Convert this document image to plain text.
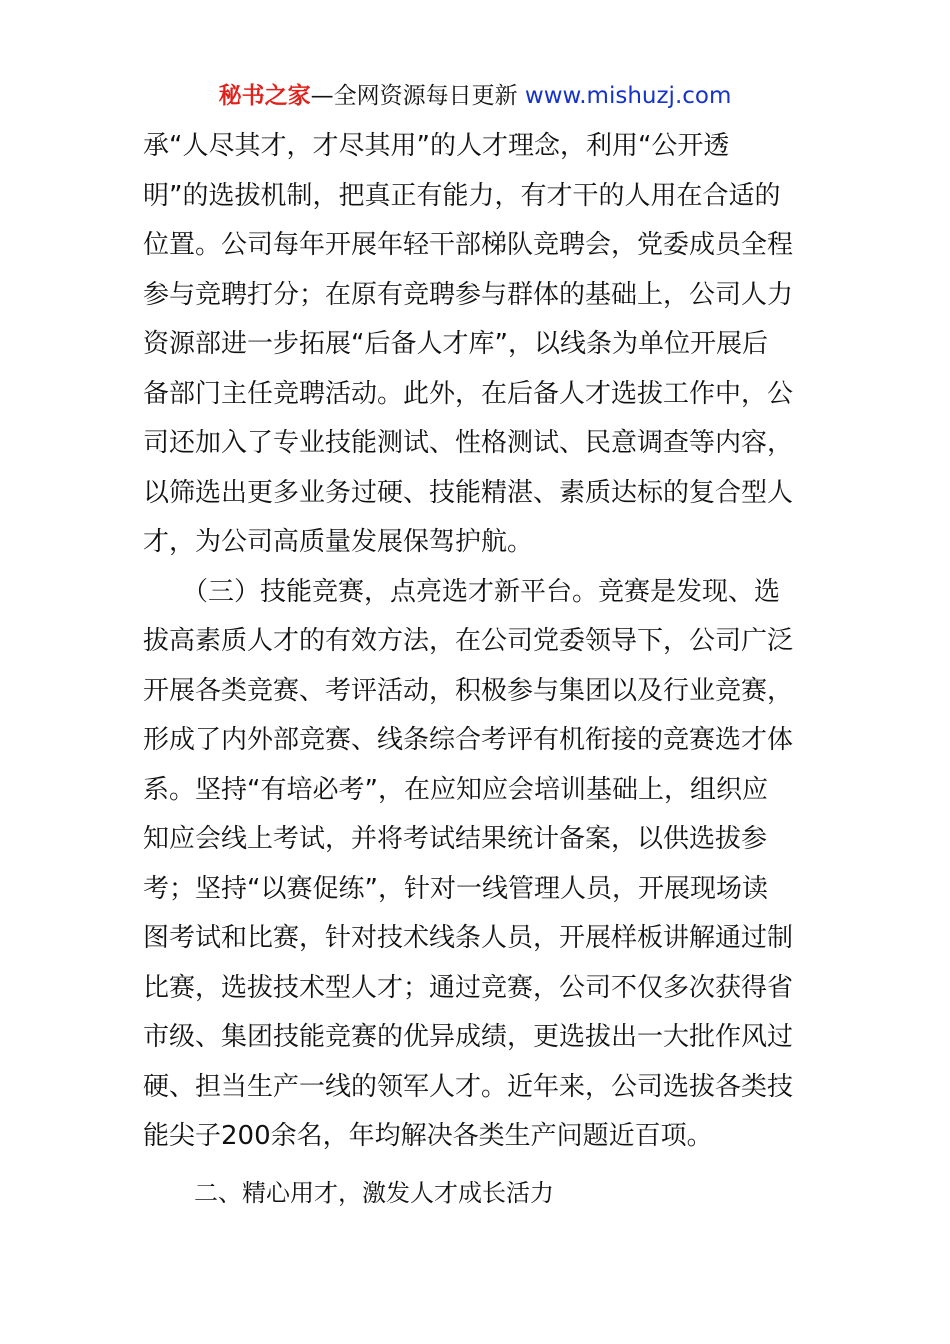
秘书之家—全网资源每日更新 www.mishuzj.com
承“人尽其才，才尽其用”的人才理念，利用“公开透
明”的选拔机制，把真正有能力，有才干的人用在合适的
位置。公司每年开展年轻干部梯队竞聘会，党委成员全程
参与竞聘打分；在原有竞聘参与群体的基础上，公司人力
资源部进一步拓展“后备人才库”，以线条为单位开展后
备部门主任竞聘活动。此外，在后备人才选拔工作中，公
司还加入了专业技能测试、性格测试、民意调查等内容，
以筛选出更多业务过硬、技能精湛、素质达标的复合型人
才，为公司高质量发展保驾护航。
　　（三）技能竞赛，点亮选才新平台。竞赛是发现、选
拔高素质人才的有效方法，在公司党委领导下，公司广泛
开展各类竞赛、考评活动，积极参与集团以及行业竞赛，
形成了内外部竞赛、线条综合考评有机衔接的竞赛选才体
系。坚持“有培必考”，在应知应会培训基础上，组织应
知应会线上考试，并将考试结果统计备案，以供选拔参
考；坚持“以赛促练”，针对一线管理人员，开展现场读
图考试和比赛，针对技术线条人员，开展样板讲解通过制
比赛，选拔技术型人才；通过竞赛，公司不仅多次获得省
市级、集团技能竞赛的优异成绩，更选拔出一大批作风过
硬、担当生产一线的领军人才。近年来，公司选拔各类技
能尖子200余名，年均解决各类生产问题近百项。
二、精心用才，激发人才成长活力
